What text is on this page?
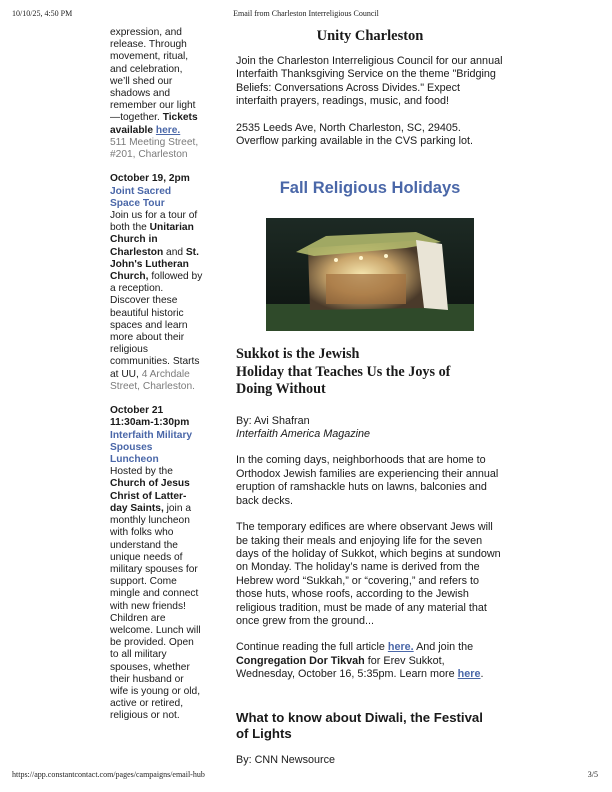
10/10/25, 4:50 PM	Email from Charleston Interreligious Council

expression, and

release. Through

movement, ritual,

and celebration,

we’ll shed our

shadows and

remember our light

—together. Tickets

available here.

511 Meeting Street,

#201, Charleston

October 19, 2pm

Joint Sacred

Space Tour

Join us for a tour of

both the Unitarian

Church in

Charleston and St.

John's Lutheran

Church, followed by

a reception.

Discover these

beautiful historic

spaces and learn

more about their

religious

communities. Starts

at UU, 4 Archdale

Street, Charleston.

October 21

11:30am-1:30pm

Interfaith Military

Spouses

Luncheon

Hosted by the

Church of Jesus

Christ of Latter-

day Saints, join a

monthly luncheon

with folks who

understand the

unique needs of

military spouses for

support. Come

mingle and connect

with new friends!

Children are

welcome. Lunch will

be provided. Open

to all military

spouses, whether

their husband or

wife is young or old,

active or retired,

religious or not.

Unity Charleston

Join the Charleston Interreligious Council for our annual Interfaith Thanksgiving Service on the theme "Bridging Beliefs: Conversations Across Divides." Expect interfaith prayers, readings, music, and food!

2535 Leeds Ave, North Charleston, SC, 29405.

Overflow parking available in the CVS parking lot.

Fall Religious Holidays
Sukkot is the Jewish
Holiday that Teaches Us the Joys of
Doing Without

By: Avi Shafran

Interfaith America Magazine

In the coming days, neighborhoods that are home to Orthodox Jewish families are experiencing their annual eruption of ramshackle huts on lawns, balconies and back decks.

The temporary edifices are where observant Jews will be taking their meals and enjoying life for the seven days of the holiday of Sukkot, which begins at sundown on Monday. The holiday’s name is derived from the Hebrew word “Sukkah,” or “covering,” and refers to those huts, whose roofs, according to the Jewish religious tradition, must be made of any material that once grew from the ground...

Continue reading the full article here. And join the Congregation Dor Tikvah for Erev Sukkot, Wednesday, October 16, 5:35pm. Learn more here.

What to know about Diwali, the Festival
of Lights

By: CNN Newsource

https://app.constantcontact.com/pages/campaigns/email-hub	3/5
